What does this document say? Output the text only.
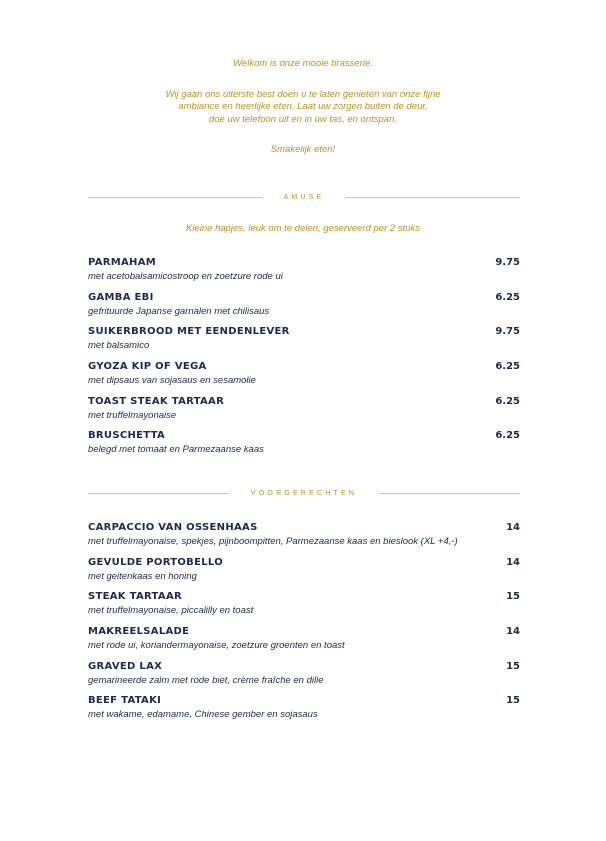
Welkom is onze mooie brasserie.

Wij gaan ons uiterste best doen u te laten genieten van onze fijne
ambiance en heerlijke eten. Laat uw zorgen buiten de deur,
doe uw telefoon uit en in uw tas, en ontspan.

Smakelijk eten!

AMUSE
Kleine hapjes, leuk om te delen, geserveerd per 2 stuks
PARMAHAM	9.75
met acetobalsamicostroop en zoetzure rode ui
GAMBA EBI	6.25
gefrituurde Japanse garnalen met chilisaus
SUIKERBROOD MET EENDENLEVER	9.75
met balsamico
GYOZA KIP OF VEGA	6.25
met dipsaus van sojasaus en sesamolie
TOAST STEAK TARTAAR	6.25
met truffelmayonaise
BRUSCHETTA	6.25
belegd met tomaat en Parmezaanse kaas
VOORGERECHTEN
CARPACCIO VAN OSSENHAAS	14
met truffelmayonaise, spekjes, pijnboompitten, Parmezaanse kaas en bieslook (XL +4,-)
GEVULDE PORTOBELLO	14
met geitenkaas en honing
STEAK TARTAAR	15
met truffelmayonaise, piccalilly en toast
MAKREELSALADE	14
met rode ui, koriandermayonaise, zoetzure groenten en toast
GRAVED LAX	15
gemarineerde zalm met rode biet, crème fraîche en dille
BEEF TATAKI	15
met wakame, edamame, Chinese gember en sojasaus
